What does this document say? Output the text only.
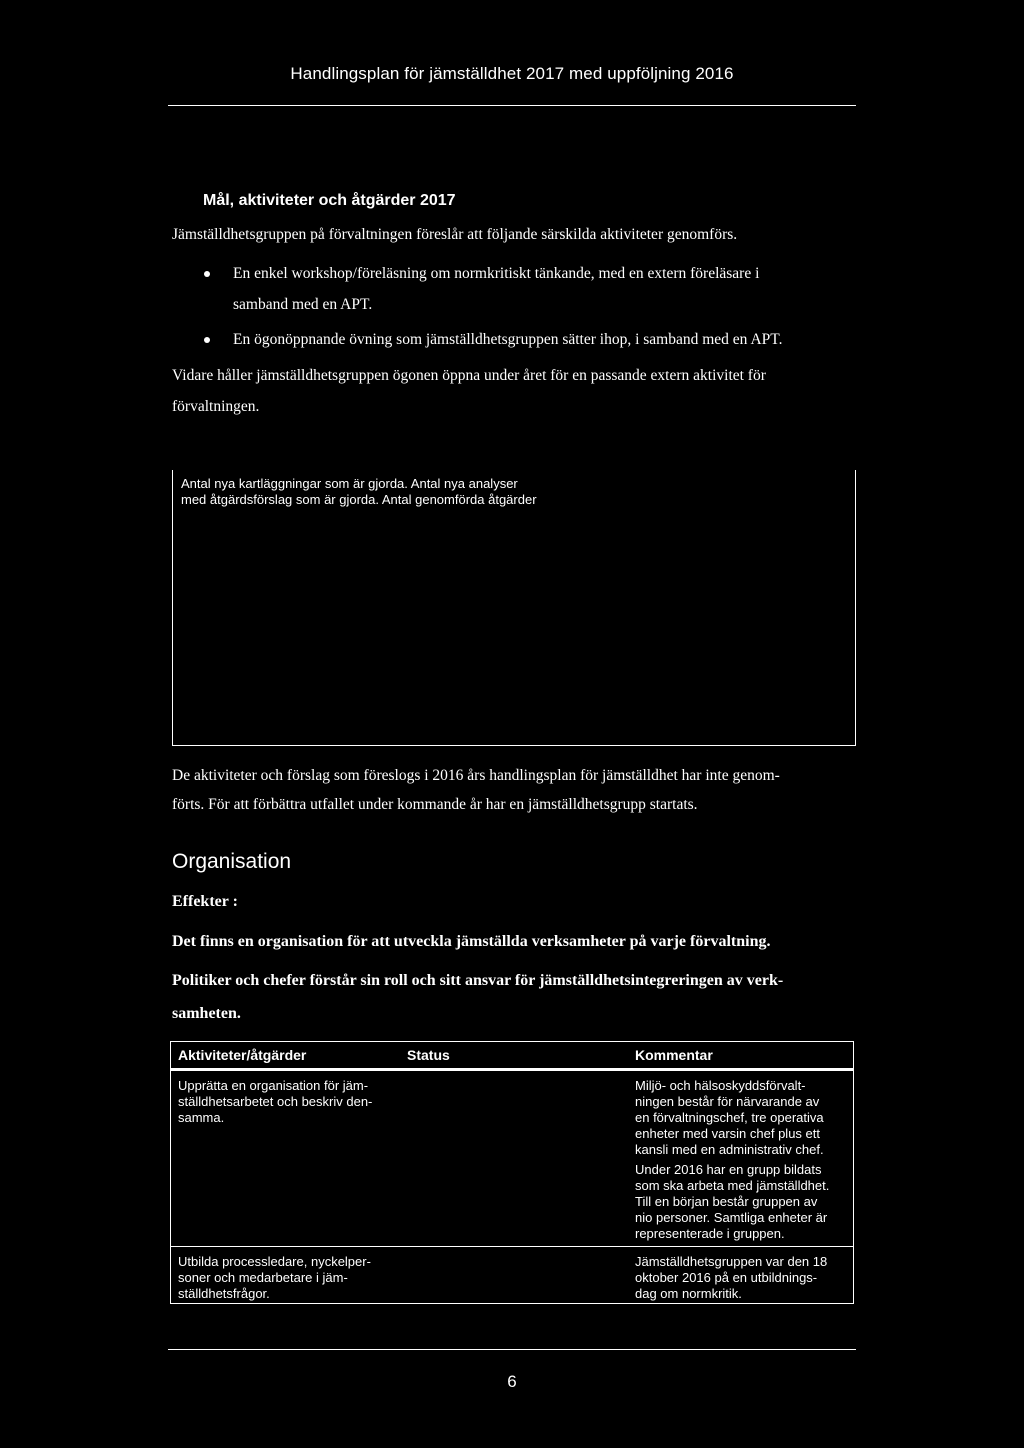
Handlingsplan för jämställdhet 2017 med uppföljning 2016
Mål, aktiviteter och åtgärder 2017
Jämställdhetsgruppen på förvaltningen föreslår att följande särskilda aktiviteter genomförs.
En enkel workshop/föreläsning om normkritiskt tänkande, med en extern föreläsare i
samband med en APT.
En ögonöppnande övning som jämställdhetsgruppen sätter ihop, i samband med en APT.
Vidare håller jämställdhetsgruppen ögonen öppna under året för en passande extern aktivitet för
förvaltningen.
Antal nya kartläggningar som är gjorda. Antal nya analyser
med åtgärdsförslag som är gjorda. Antal genomförda åtgärder
De aktiviteter och förslag som föreslogs i 2016 års handlingsplan för jämställdhet har inte genom-
förts. För att förbättra utfallet under kommande år har en jämställdhetsgrupp startats.
Organisation
Effekter :
Det finns en organisation för att utveckla jämställda verksamheter på varje förvaltning.
Politiker och chefer förstår sin roll och sitt ansvar för jämställdhetsintegreringen av verk-
samheten.
Aktiviteter/åtgärder	Status	Kommentar
Upprätta en organisation för jäm-
ställdhetsarbetet och beskriv den-
samma.
Miljö- och hälsoskyddsförvalt-
ningen består för närvarande av
en förvaltningschef, tre operativa
enheter med varsin chef plus ett
kansli med en administrativ chef.
Under 2016 har en grupp bildats
som ska arbeta med jämställdhet.
Till en början består gruppen av
nio personer. Samtliga enheter är
representerade i gruppen.
Utbilda processledare, nyckelper-
soner och medarbetare i jäm-
ställdhetsfrågor.
Jämställdhetsgruppen var den 18
oktober 2016 på en utbildnings-
dag om normkritik.
6
